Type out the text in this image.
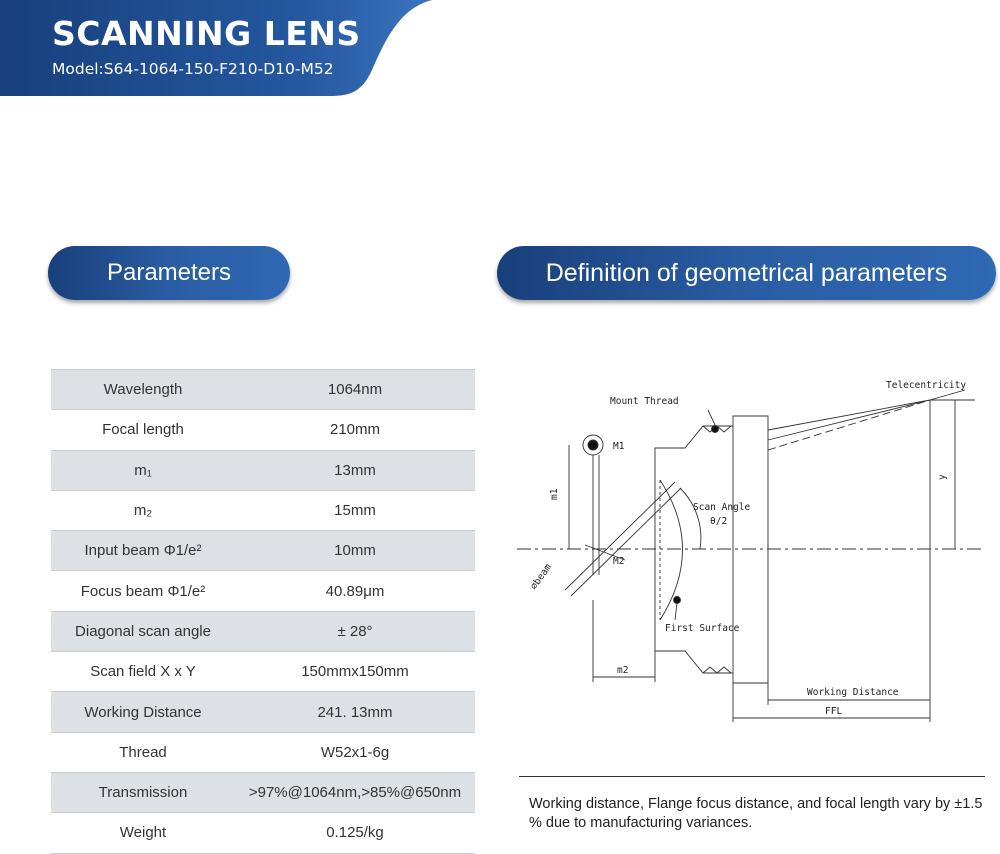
SCANNING LENS
Model:S64-1064-150-F210-D10-M52
Parameters	Definition of geometrical parameters
Wavelength	1064nm
Focal length	210mm
m₁	13mm
m₂	15mm
Input beam Φ1/e²	10mm
Focus beam Φ1/e²	40.89μm
Diagonal scan angle	± 28°
Scan field X x Y	150mmx150mm
Working Distance	241. 13mm
Thread	W52x1-6g
Transmission	>97%@1064nm,>85%@650nm
Weight	0.125/kg
m1
m2
y
Working Distance
FFL
Mount Thread
Telecentricity
M1
M2
Scan Angle
θ/2
∅beam
First Surface
Working distance, Flange focus distance, and focal length vary by ±1.5 % due to manufacturing variances.
